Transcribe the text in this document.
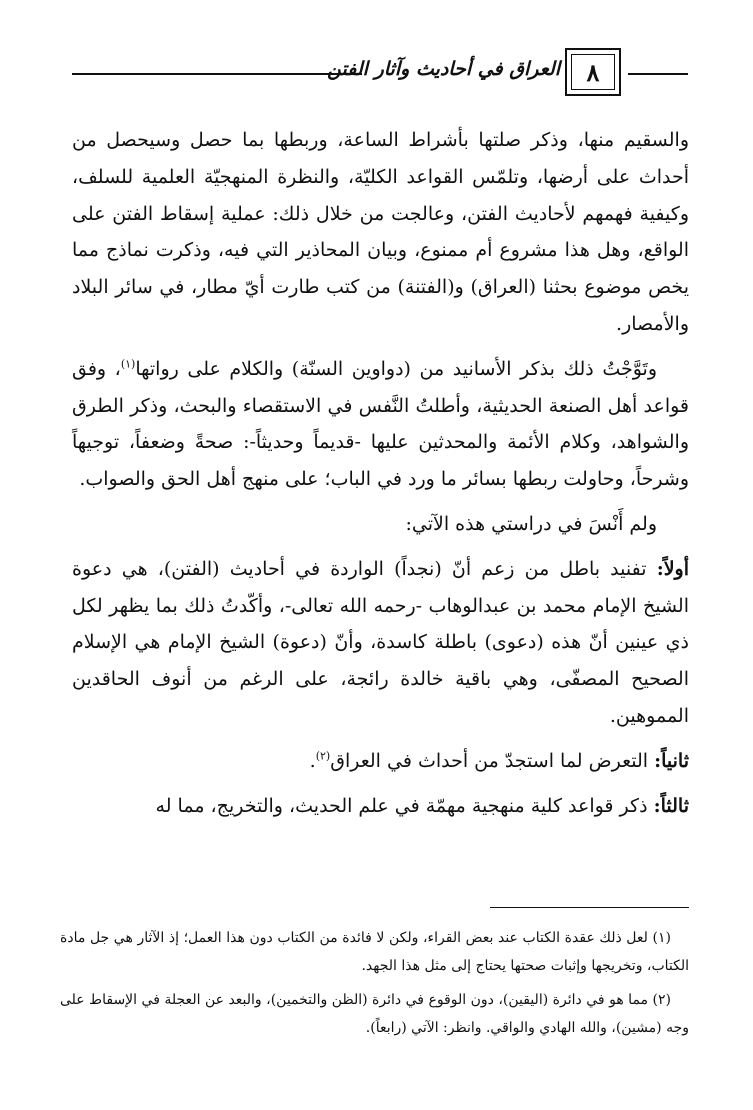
العراق في أحاديث وآثار الفتن	٨

والسقيم منها، وذكر صلتها بأشراط الساعة، وربطها بما حصل وسيحصل من أحداث على أرضها، وتلمّس القواعد الكليّة، والنظرة المنهجيّة العلمية للسلف، وكيفية فهمهم لأحاديث الفتن، وعالجت من خلال ذلك: عملية إسقاط الفتن على الواقع، وهل هذا مشروع أم ممنوع، وبيان المحاذير التي فيه، وذكرت نماذج مما يخص موضوع بحثنا (العراق) و(الفتنة) من كتب طارت أيّ مطار، في سائر البلاد والأمصار.

وتَوَّجْتُ ذلك بذكر الأسانيد من (دواوين السنّة) والكلام على رواتها$^{(١)}$، وفق قواعد أهل الصنعة الحديثية، وأطلتُ النَّفس في الاستقصاء والبحث، وذكر الطرق والشواهد، وكلام الأئمة والمحدثين عليها -قديماً وحديثاً-: صحةً وضعفاً، توجيهاً وشرحاً، وحاولت ربطها بسائر ما ورد في الباب؛ على منهج أهل الحق والصواب.

ولم أَنْسَ في دراستي هذه الآتي:

أولاً: تفنيد باطل من زعم أنّ (نجداً) الواردة في أحاديث (الفتن)، هي دعوة الشيخ الإمام محمد بن عبدالوهاب -رحمه الله تعالى-، وأكّدتُ ذلك بما يظهر لكل ذي عينين أنّ هذه (دعوى) باطلة كاسدة، وأنّ (دعوة) الشيخ الإمام هي الإسلام الصحيح المصفّى، وهي باقية خالدة رائجة، على الرغم من أنوف الحاقدين المموهين.

ثانياً: التعرض لما استجدّ من أحداث في العراق$^{(٢)}$.

ثالثاً: ذكر قواعد كلية منهجية مهمّة في علم الحديث، والتخريج، مما له

(١) لعل ذلك عقدة الكتاب عند بعض القراء، ولكن لا فائدة من الكتاب دون هذا العمل؛ إذ الآثار هي جل مادة الكتاب، وتخريجها وإثبات صحتها يحتاج إلى مثل هذا الجهد.

(٢) مما هو في دائرة (اليقين)، دون الوقوع في دائرة (الظن والتخمين)، والبعد عن العجلة في الإسقاط على وجه (مشين)، والله الهادي والواقي. وانظر: الآتي (رابعاً).
